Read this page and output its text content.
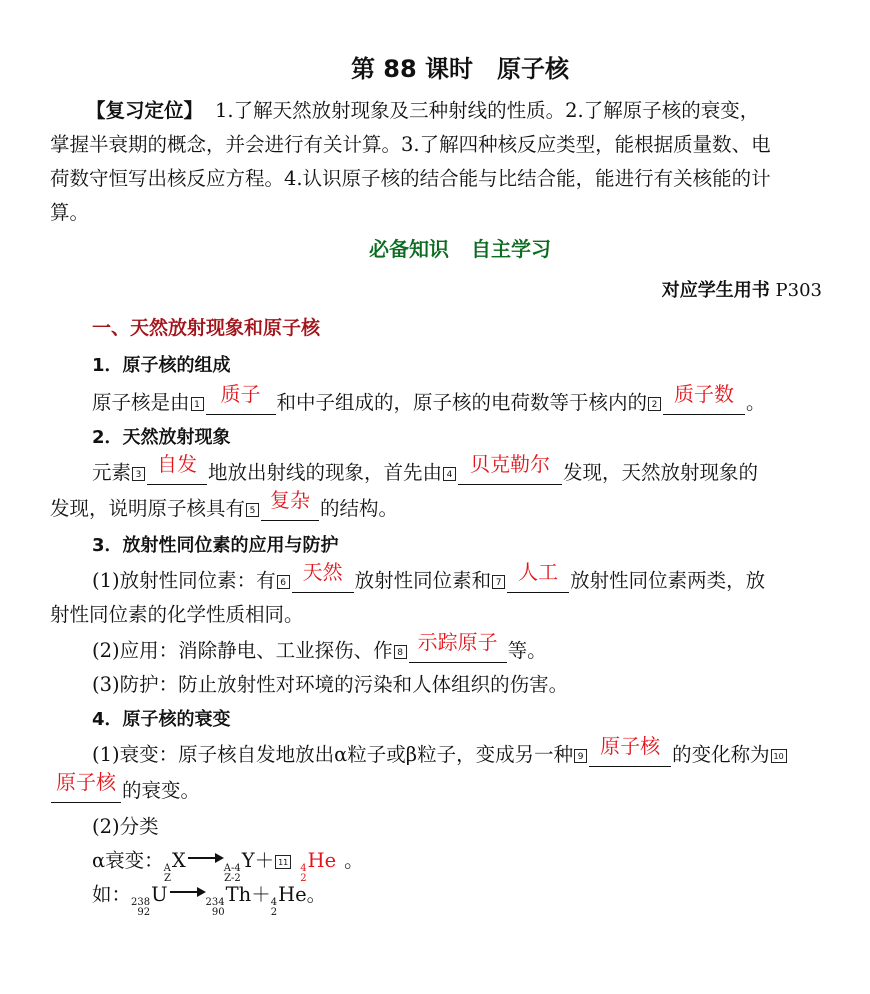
第 88 课时 原子核
【复习定位】 1.了解天然放射现象及三种射线的性质。2.了解原子核的衰变，
掌握半衰期的概念，并会进行有关计算。3.了解四种核反应类型，能根据质量数、电
荷数守恒写出核反应方程。4.认识原子核的结合能与比结合能，能进行有关核能的计
算。
必备知识 自主学习
对应学生用书 P303
一、天然放射现象和原子核
1．原子核的组成
原子核是由 1 质子 和中子组成的，原子核的电荷数等于核内的 2 质子数 。
2．天然放射现象
元素 3 自发 地放出射线的现象，首先由 4 贝克勒尔 发现，天然放射现象的
发现，说明原子核具有 5 复杂 的结构。
3．放射性同位素的应用与防护
(1)放射性同位素：有 6 天然 放射性同位素和 7 人工 放射性同位素两类，放
射性同位素的化学性质相同。
(2)应用：消除静电、工业探伤、作 8 示踪原子 等。
(3)防护：防止放射性对环境的污染和人体组织的伤害。
4．原子核的衰变
(1)衰变：原子核自发地放出α粒子或β粒子，变成另一种 9 原子核 的变化称为 10
原子核 的衰变。
(2)分类
α衰变： A
Z
X	A-4
Z-2
Y＋ 11
4
2
He 。
如： 238
92
U	234
90
Th＋ 4
2
He。
